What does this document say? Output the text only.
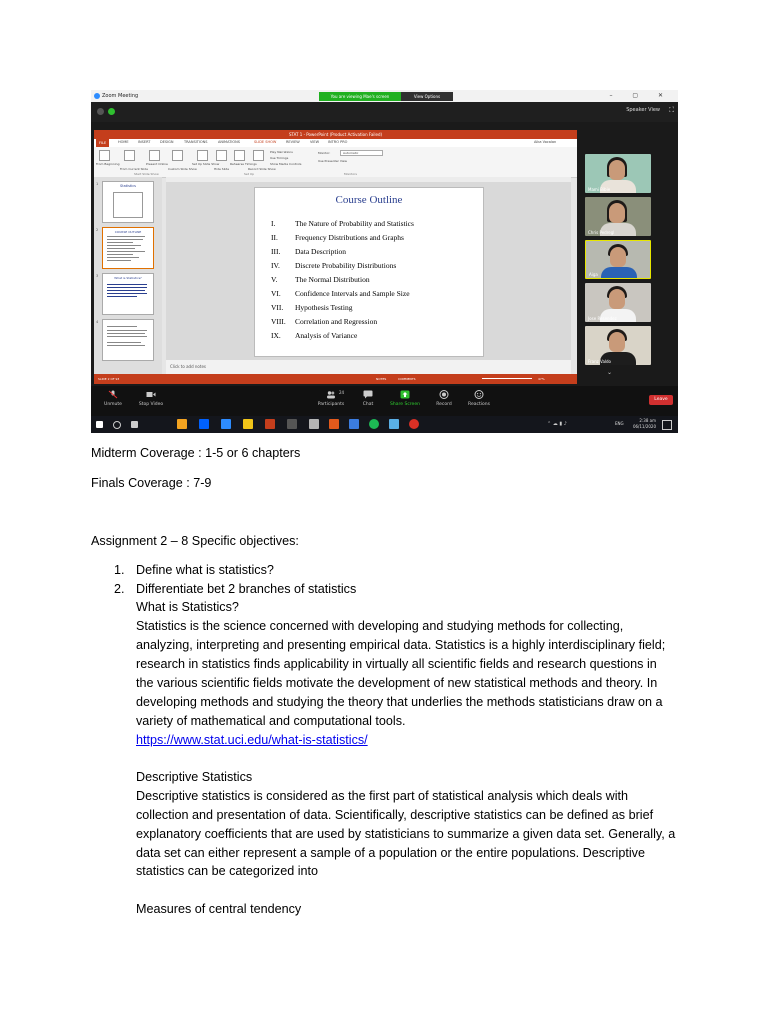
Zoom Meeting	You are viewing Mae's screen	View Options	– ▢ ✕
Speaker View ⛶
STAT 1 - PowerPoint (Product Activation Failed)
FILE	HOME	INSERT	DESIGN	TRANSITIONS	ANIMATIONS	SLIDE SHOW	REVIEW	VIEW	INTRO PRO	Aika Vocalan
From Beginning
From Current Slide
Present Online
Custom Slide Show
Set Up Slide Show
Hide Slide
Rehearse Timings
Record Slide Show
Play Narrations
Use Timings
Show Media Controls
Monitor:	Automatic
Use Presenter View
Start Slide Show	Set Up	Monitors
1	Statistics
2	COURSE OUTLINE
3	What is Statistics?
4
Course Outline
I.	The Nature of Probability and Statistics
II. Frequency Distributions and Graphs
III. Data Description
IV. Discrete Probability Distributions
V. The Normal Distribution
VI. Confidence Intervals and Sample Size
VII. Hypothesis Testing
VIII. Correlation and Regression
IX. Analysis of Variance
Click to add notes
SLIDE 2 OF 93	NOTES	COMMENTS	47%
Mami Bibie
Chris Pedregl
Aiga
Jose Resendez
Franz Valdo
⌄
Unmute	Stop Video	Participants
24
Chat	Share Screen	Record	Reactions
Leave
⌃ ☁ ▮ ♪	ENG
2:38 am
06/11/2020
Midterm Coverage : 1-5 or 6 chapters
Finals Coverage : 7-9
Assignment 2 – 8 Specific objectives:
1. Define what is statistics?
2. Differentiate bet 2 branches of statistics
What is Statistics?
Statistics is the science concerned with developing and studying methods for collecting,
analyzing, interpreting and presenting empirical data. Statistics is a highly interdisciplinary field;
research in statistics finds applicability in virtually all scientific fields and research questions in
the various scientific fields motivate the development of new statistical methods and theory. In
developing methods and studying the theory that underlies the methods statisticians draw on a
variety of mathematical and computational tools.
https://www.stat.uci.edu/what-is-statistics/
Descriptive Statistics
Descriptive statistics is considered as the first part of statistical analysis which deals with
collection and presentation of data. Scientifically, descriptive statistics can be defined as brief
explanatory coefficients that are used by statisticians to summarize a given data set. Generally, a
data set can either represent a sample of a population or the entire populations. Descriptive
statistics can be categorized into
Measures of central tendency
